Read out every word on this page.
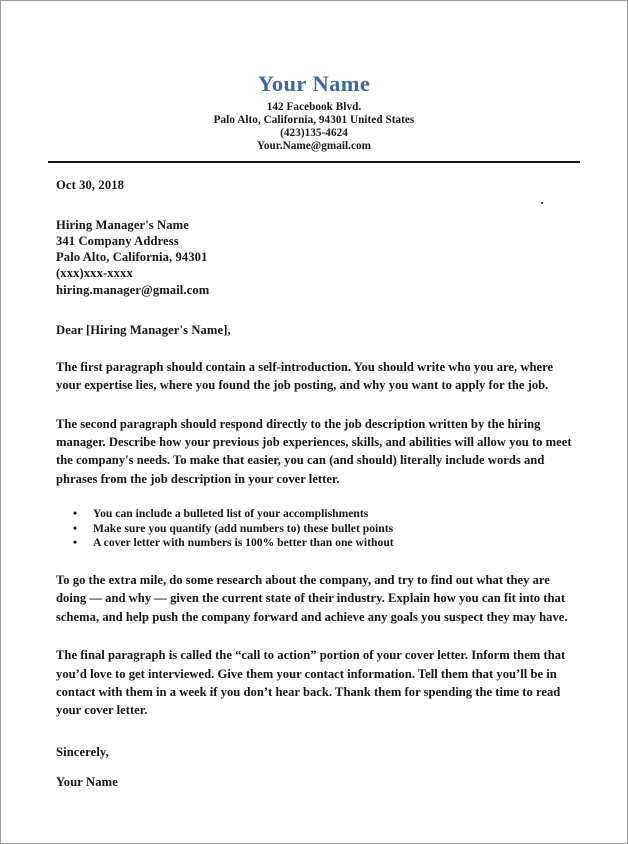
Your Name
142 Facebook Blvd.
Palo Alto, California, 94301 United States
(423)135-4624
Your.Name@gmail.com
Oct 30, 2018
Hiring Manager's Name
341 Company Address
Palo Alto, California, 94301
(xxx)xxx-xxxx
hiring.manager@gmail.com
Dear [Hiring Manager's Name],

The first paragraph should contain a self-introduction. You should write who you are, where your expertise lies, where you found the job posting, and why you want to apply for the job.

The second paragraph should respond directly to the job description written by the hiring manager. Describe how your previous job experiences, skills, and abilities will allow you to meet the company's needs. To make that easier, you can (and should) literally include words and phrases from the job description in your cover letter.

• You can include a bulleted list of your accomplishments
• Make sure you quantify (add numbers to) these bullet points
• A cover letter with numbers is 100% better than one without

To go the extra mile, do some research about the company, and try to find out what they are doing — and why — given the current state of their industry. Explain how you can fit into that schema, and help push the company forward and achieve any goals you suspect they may have.

The final paragraph is called the “call to action” portion of your cover letter. Inform them that you’d love to get interviewed. Give them your contact information. Tell them that you’ll be in contact with them in a week if you don’t hear back. Thank them for spending the time to read your cover letter.

Sincerely,
Your Name
